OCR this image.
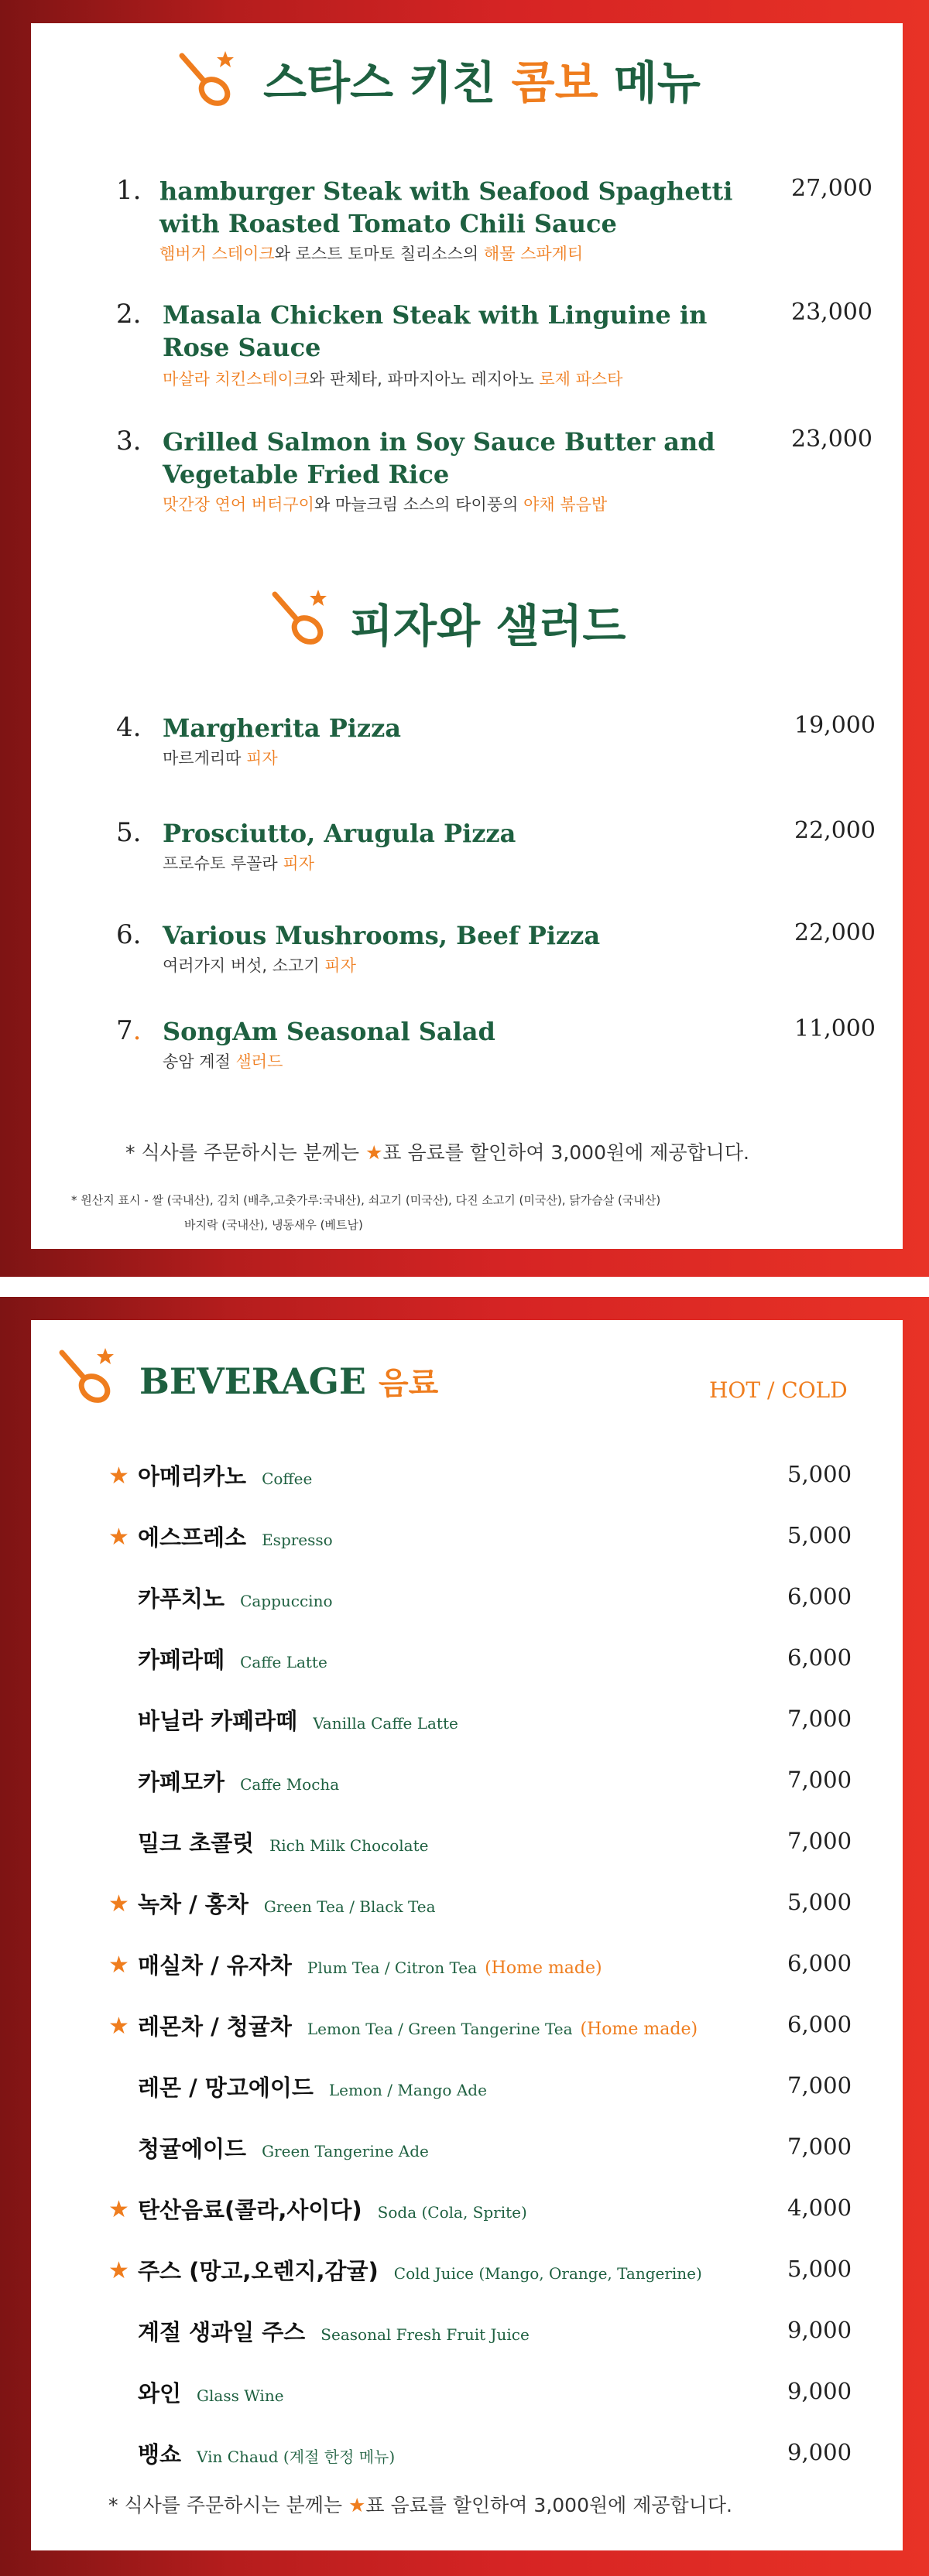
스타스 키친 콤보 메뉴
1. hamburger Steak with Seafood Spaghetti with Roasted Tomato Chili Sauce
햄버거 스테이크와 로스트 토마토 칠리소스의 해물 스파게티
27,000
2. Masala Chicken Steak with Linguine in Rose Sauce
마살라 치킨스테이크와 판체타, 파마지아노 레지아노 로제 파스타
23,000
3. Grilled Salmon in Soy Sauce Butter and Vegetable Fried Rice
맛간장 연어 버터구이와 마늘크림 소스의 타이풍의 야채 볶음밥
23,000
피자와 샐러드
4. Margherita Pizza
마르게리따 피자
19,000
5. Prosciutto, Arugula Pizza
프로슈토 루꼴라 피자
22,000
6. Various Mushrooms, Beef Pizza
여러가지 버섯, 소고기 피자
22,000
7. SongAm Seasonal Salad
송암 계절 샐러드
11,000
* 식사를 주문하시는 분께는 ★표 음료를 할인하여 3,000원에 제공합니다.
* 원산지 표시 - 쌀 (국내산), 김치 (배추,고춧가루:국내산), 쇠고기 (미국산), 다진 소고기 (미국산), 닭가슴살 (국내산)
바지락 (국내산), 냉동새우 (베트남)
BEVERAGE 음료	HOT / COLD
★ 아메리카노 Coffee	5,000
★ 에스프레소 Espresso	5,000
카푸치노 Cappuccino	6,000
카페라떼 Caffe Latte	6,000
바닐라 카페라떼 Vanilla Caffe Latte	7,000
카페모카 Caffe Mocha	7,000
밀크 초콜릿 Rich Milk Chocolate	7,000
★ 녹차 / 홍차 Green Tea / Black Tea	5,000
★ 매실차 / 유자차 Plum Tea / Citron Tea (Home made)	6,000
★ 레몬차 / 청귤차 Lemon Tea / Green Tangerine Tea (Home made)	6,000
레몬 / 망고에이드 Lemon / Mango Ade	7,000
청귤에이드 Green Tangerine Ade	7,000
★ 탄산음료(콜라,사이다) Soda (Cola, Sprite)	4,000
★ 주스 (망고,오렌지,감귤) Cold Juice (Mango, Orange, Tangerine)	5,000
계절 생과일 주스 Seasonal Fresh Fruit Juice	9,000
와인 Glass Wine	9,000
뱅쇼 Vin Chaud (계절 한정 메뉴)	9,000
* 식사를 주문하시는 분께는 ★표 음료를 할인하여 3,000원에 제공합니다.
